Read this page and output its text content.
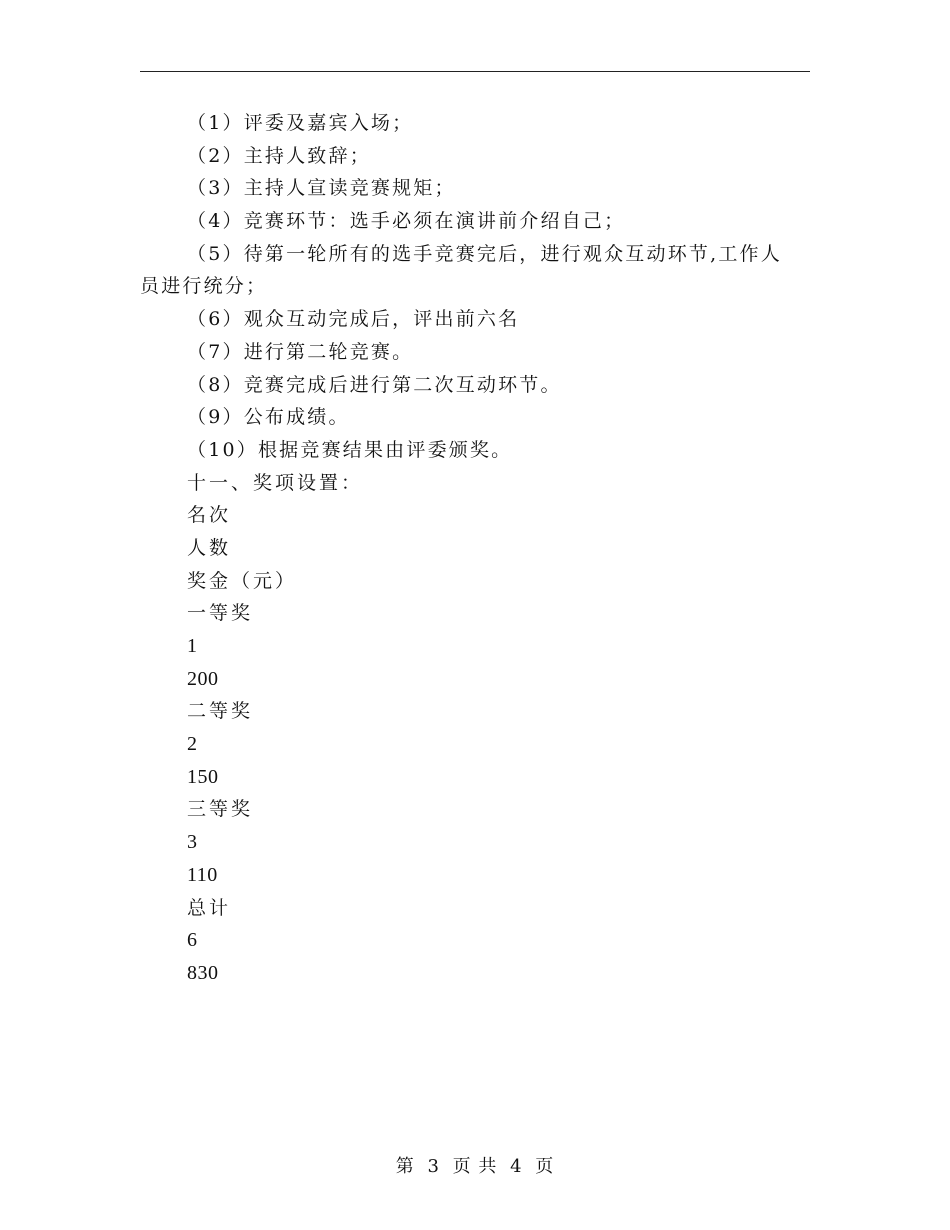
（1）评委及嘉宾入场；
（2）主持人致辞；
（3）主持人宣读竞赛规矩；
（4）竞赛环节：选手必须在演讲前介绍自己；
（5）待第一轮所有的选手竞赛完后，进行观众互动环节,工作人
员进行统分；
（6）观众互动完成后，评出前六名
（7）进行第二轮竞赛。
（8）竞赛完成后进行第二次互动环节。
（9）公布成绩。
（10）根据竞赛结果由评委颁奖。
十一、奖项设置：
名次
人数
奖金（元）
一等奖
1
200
二等奖
2
150
三等奖
3
110
总计
6
830
第 3 页 共 4 页
